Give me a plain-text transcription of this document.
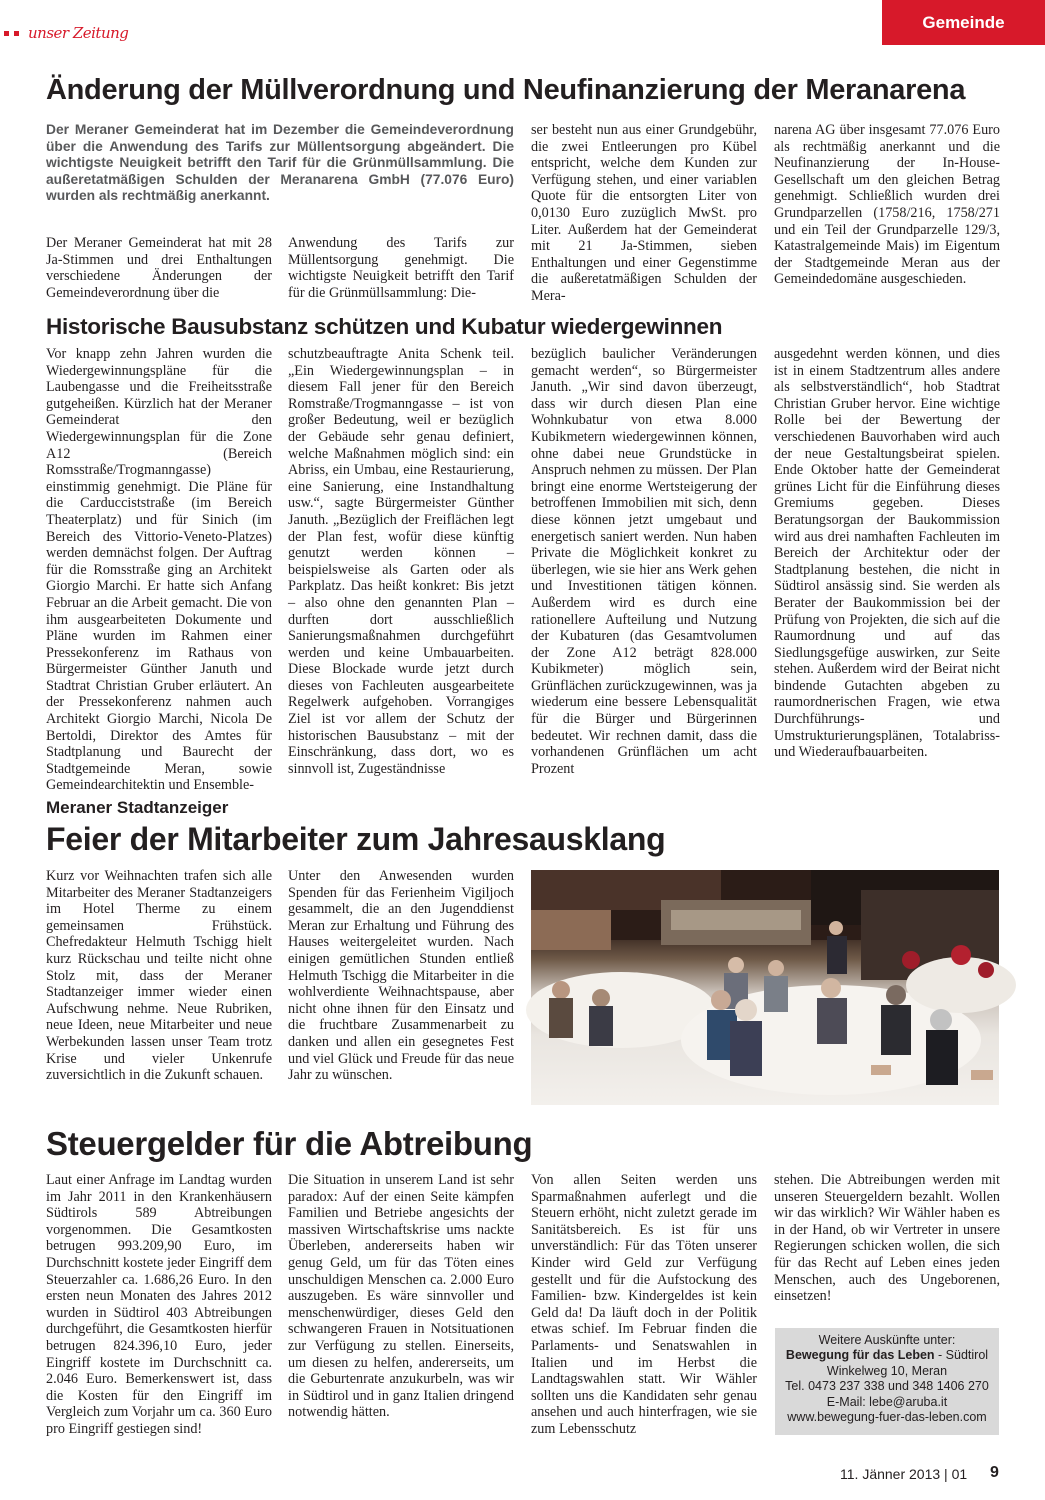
unser Zeitung
Gemeinde
Änderung der Müllverordnung und Neufinanzierung der Meranarena
Der Meraner Gemeinderat hat im Dezember die Gemeindeverordnung über die Anwendung des Tarifs zur Müllentsorgung abgeändert. Die wichtigste Neuigkeit betrifft den Tarif für die Grünmüllsammlung. Die außeretatmäßigen Schulden der Meranarena GmbH (77.076 Euro) wurden als rechtmäßig anerkannt.
Der Meraner Gemeinderat hat mit 28 Ja-Stimmen und drei Enthaltungen verschiedene Änderungen der Gemeindeverordnung über die
Anwendung des Tarifs zur Müllentsorgung genehmigt. Die wichtigste Neuigkeit betrifft den Tarif für die Grünmüllsammlung: Die-
ser besteht nun aus einer Grundgebühr, die zwei Entleerungen pro Kübel entspricht, welche dem Kunden zur Verfügung stehen, und einer variablen Quote für die entsorgten Liter von 0,0130 Euro zuzüglich MwSt. pro Liter. Außerdem hat der Gemeinderat mit 21 Ja-Stimmen, sieben Enthaltungen und einer Gegenstimme die außeretatmäßigen Schulden der Mera-
narena AG über insgesamt 77.076 Euro als rechtmäßig anerkannt und die Neufinanzierung der In-House-Gesellschaft um den gleichen Betrag genehmigt. Schließlich wurden drei Grundparzellen (1758/216, 1758/271 und ein Teil der Grundparzelle 129/3, Katastralgemeinde Mais) im Eigentum der Stadtgemeinde Meran aus der Gemeindedomäne ausgeschieden.
Historische Bausubstanz schützen und Kubatur wiedergewinnen
Vor knapp zehn Jahren wurden die Wiedergewinnungspläne für die Laubengasse und die Freiheitsstraße gutgeheißen. Kürzlich hat der Meraner Gemeinderat den Wiedergewinnungsplan für die Zone A12 (Bereich Romsstraße/Trogmanngasse) einstimmig genehmigt. Die Pläne für die Carducciststraße (im Bereich Theaterplatz) und für Sinich (im Bereich des Vittorio-Veneto-Platzes) werden demnächst folgen. Der Auftrag für die Romsstraße ging an Architekt Giorgio Marchi. Er hatte sich Anfang Februar an die Arbeit gemacht. Die von ihm ausgearbeiteten Dokumente und Pläne wurden im Rahmen einer Pressekonferenz im Rathaus von Bürgermeister Günther Januth und Stadtrat Christian Gruber erläutert. An der Pressekonferenz nahmen auch Architekt Giorgio Marchi, Nicola De Bertoldi, Direktor des Amtes für Stadtplanung und Baurecht der Stadtgemeinde Meran, sowie Gemeindearchitektin und Ensemble-
schutzbeauftragte Anita Schenk teil. „Ein Wiedergewinnungsplan – in diesem Fall jener für den Bereich Romstraße/Trogmanngasse – ist von großer Bedeutung, weil er bezüglich der Gebäude sehr genau definiert, welche Maßnahmen möglich sind: ein Abriss, ein Umbau, eine Restaurierung, eine Sanierung, eine Instandhaltung usw.“, sagte Bürgermeister Günther Januth. „Bezüglich der Freiflächen legt der Plan fest, wofür diese künftig genutzt werden können – beispielsweise als Garten oder als Parkplatz. Das heißt konkret: Bis jetzt – also ohne den genannten Plan – durften dort ausschließlich Sanierungsmaßnahmen durchgeführt werden und keine Umbauarbeiten. Diese Blockade wurde jetzt durch dieses von Fachleuten ausgearbeitete Regelwerk aufgehoben. Vorrangiges Ziel ist vor allem der Schutz der historischen Bausubstanz – mit der Einschränkung, dass dort, wo es sinnvoll ist, Zugeständnisse
bezüglich baulicher Veränderungen gemacht werden“, so Bürgermeister Januth. „Wir sind davon überzeugt, dass wir durch diesen Plan eine Wohnkubatur von etwa 8.000 Kubikmetern wiedergewinnen können, ohne dabei neue Grundstücke in Anspruch nehmen zu müssen. Der Plan bringt eine enorme Wertsteigerung der betroffenen Immobilien mit sich, denn diese können jetzt umgebaut und energetisch saniert werden. Nun haben Private die Möglichkeit konkret zu überlegen, wie sie hier ans Werk gehen und Investitionen tätigen können. Außerdem wird es durch eine rationellere Aufteilung und Nutzung der Kubaturen (das Gesamtvolumen der Zone A12 beträgt 828.000 Kubikmeter) möglich sein, Grünflächen zurückzugewinnen, was ja wiederum eine bessere Lebensqualität für die Bürger und Bürgerinnen bedeutet. Wir rechnen damit, dass die vorhandenen Grünflächen um acht Prozent
ausgedehnt werden können, und dies ist in einem Stadtzentrum alles andere als selbstverständlich“, hob Stadtrat Christian Gruber hervor. Eine wichtige Rolle bei der Bewertung der verschiedenen Bauvorhaben wird auch der neue Gestaltungsbeirat spielen. Ende Oktober hatte der Gemeinderat grünes Licht für die Einführung dieses Gremiums gegeben. Dieses Beratungsorgan der Baukommission wird aus drei namhaften Fachleuten im Bereich der Architektur oder der Stadtplanung bestehen, die nicht in Südtirol ansässig sind. Sie werden als Berater der Baukommission bei der Prüfung von Projekten, die sich auf die Raumordnung und auf das Siedlungsgefüge auswirken, zur Seite stehen. Außerdem wird der Beirat nicht bindende Gutachten abgeben zu raumordnerischen Fragen, wie etwa Durchführungs- und Umstrukturierungsplänen, Totalabriss- und Wiederaufbauarbeiten.
Meraner Stadtanzeiger
Feier der Mitarbeiter zum Jahresausklang
Kurz vor Weihnachten trafen sich alle Mitarbeiter des Meraner Stadtanzeigers im Hotel Therme zu einem gemeinsamen Frühstück. Chefredakteur Helmuth Tschigg hielt kurz Rückschau und teilte nicht ohne Stolz mit, dass der Meraner Stadtanzeiger immer wieder einen Aufschwung nehme. Neue Rubriken, neue Ideen, neue Mitarbeiter und neue Werbekunden lassen unser Team trotz Krise und vieler Unkenrufe zuversichtlich in die Zukunft schauen.
Unter den Anwesenden wurden Spenden für das Ferienheim Vigiljoch gesammelt, die an den Jugenddienst Meran zur Erhaltung und Führung des Hauses weitergeleitet wurden. Nach einigen gemütlichen Stunden entließ Helmuth Tschigg die Mitarbeiter in die wohlverdiente Weihnachtspause, aber nicht ohne ihnen für den Einsatz und die fruchtbare Zusammenarbeit zu danken und allen ein gesegnetes Fest und viel Glück und Freude für das neue Jahr zu wünschen.
Steuergelder für die Abtreibung
Laut einer Anfrage im Landtag wurden im Jahr 2011 in den Krankenhäusern Südtirols 589 Abtreibungen vorgenommen. Die Gesamtkosten betrugen 993.209,90 Euro, im Durchschnitt kostete jeder Eingriff dem Steuerzahler ca. 1.686,26 Euro. In den ersten neun Monaten des Jahres 2012 wurden in Südtirol 403 Abtreibungen durchgeführt, die Gesamtkosten hierfür betrugen 824.396,10 Euro, jeder Eingriff kostete im Durchschnitt ca. 2.046 Euro. Bemerkenswert ist, dass die Kosten für den Eingriff im Vergleich zum Vorjahr um ca. 360 Euro pro Eingriff gestiegen sind!
Die Situation in unserem Land ist sehr paradox: Auf der einen Seite kämpfen Familien und Betriebe angesichts der massiven Wirtschaftskrise ums nackte Überleben, andererseits haben wir genug Geld, um für das Töten eines unschuldigen Menschen ca. 2.000 Euro auszugeben. Es wäre sinnvoller und menschenwürdiger, dieses Geld den schwangeren Frauen in Notsituationen zur Verfügung zu stellen. Einerseits, um diesen zu helfen, andererseits, um die Geburtenrate anzukurbeln, was wir in Südtirol und in ganz Italien dringend notwendig hätten.
Von allen Seiten werden uns Sparmaßnahmen auferlegt und die Steuern erhöht, nicht zuletzt gerade im Sanitätsbereich. Es ist für uns unverständlich: Für das Töten unserer Kinder wird Geld zur Verfügung gestellt und für die Aufstockung des Familien- bzw. Kindergeldes ist kein Geld da! Da läuft doch in der Politik etwas schief. Im Februar finden die Parlaments- und Senatswahlen in Italien und im Herbst die Landtagswahlen statt. Wir Wähler sollten uns die Kandidaten sehr genau ansehen und auch hinterfragen, wie sie zum Lebensschutz
stehen. Die Abtreibungen werden mit unseren Steuergeldern bezahlt. Wollen wir das wirklich? Wir Wähler haben es in der Hand, ob wir Vertreter in unsere Regierungen schicken wollen, die sich für das Recht auf Leben eines jeden Menschen, auch des Ungeborenen, einsetzen!
Weitere Auskünfte unter:
Bewegung für das Leben - Südtirol
Winkelweg 10, Meran
Tel. 0473 237 338 und 348 1406 270
E-Mail: lebe@aruba.it
www.bewegung-fuer-das-leben.com
11. Jänner 2013 | 01 9
